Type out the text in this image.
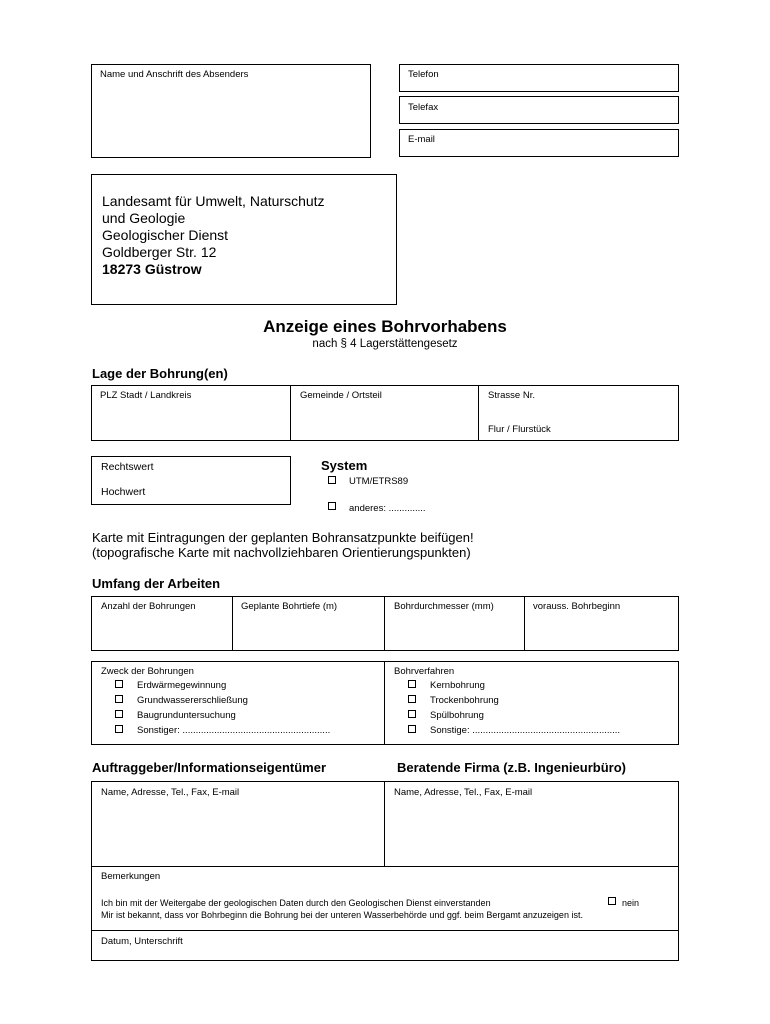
Name und Anschrift des Absenders	Telefon
Telefax
E-mail
Landesamt für Umwelt, Naturschutz
und Geologie
Geologischer Dienst
Goldberger Str. 12
18273 Güstrow
Anzeige eines Bohrvorhabens
nach § 4 Lagerstättengesetz
Lage der Bohrung(en)
PLZ Stadt / Landkreis	Gemeinde / Ortsteil	Strasse Nr.
Flur / Flurstück
Rechtswert
Hochwert
System
UTM/ETRS89
anderes: ..............
Karte mit Eintragungen der geplanten Bohransatzpunkte beifügen!
(topografische Karte mit nachvollziehbaren Orientierungspunkten)
Umfang der Arbeiten
Anzahl der Bohrungen	Geplante Bohrtiefe (m)	Bohrdurchmesser (mm)	vorauss. Bohrbeginn
Zweck der Bohrungen
Erdwärmegewinnung
Grundwassererschließung
Baugrunduntersuchung
Sonstiger: ........................................................
Bohrverfahren
Kernbohrung
Trockenbohrung
Spülbohrung
Sonstige: ........................................................
Auftraggeber/Informationseigentümer	Beratende Firma (z.B. Ingenieurbüro)
Name, Adresse, Tel., Fax, E-mail	Name, Adresse, Tel., Fax, E-mail
Bemerkungen
Ich bin mit der Weitergabe der geologischen Daten durch den Geologischen Dienst einverstanden	nein
Mir ist bekannt, dass vor Bohrbeginn die Bohrung bei der unteren Wasserbehörde und ggf. beim Bergamt anzuzeigen ist.
Datum, Unterschrift
